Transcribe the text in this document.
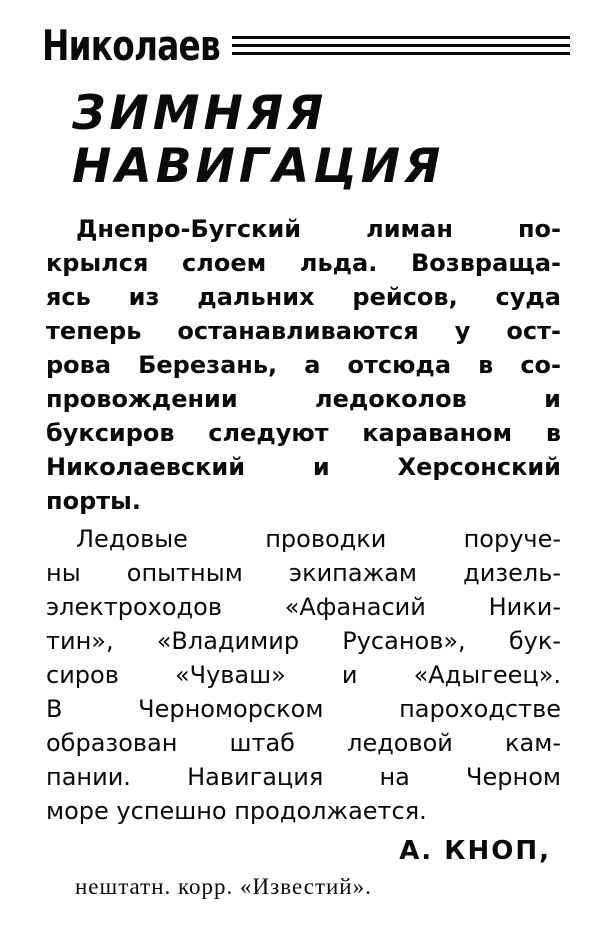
Николаев
ЗИМНЯЯ
НАВИГАЦИЯ
Днепро-Бугский лиман по-
крылся слоем льда. Возвраща-
ясь из дальних рейсов, суда
теперь останавливаются у ост-
рова Березань, а отсюда в со-
провождении ледоколов и
буксиров следуют караваном в
Николаевский и Херсонский
порты.
Ледовые проводки поруче-
ны опытным экипажам дизель-
электроходов «Афанасий Ники-
тин», «Владимир Русанов», бук-
сиров «Чуваш» и «Адыгеец».
В Черноморском пароходстве
образован штаб ледовой кам-
пании. Навигация на Черном
море успешно продолжается.
А. КНОП,
нештатн. корр. «Известий».
